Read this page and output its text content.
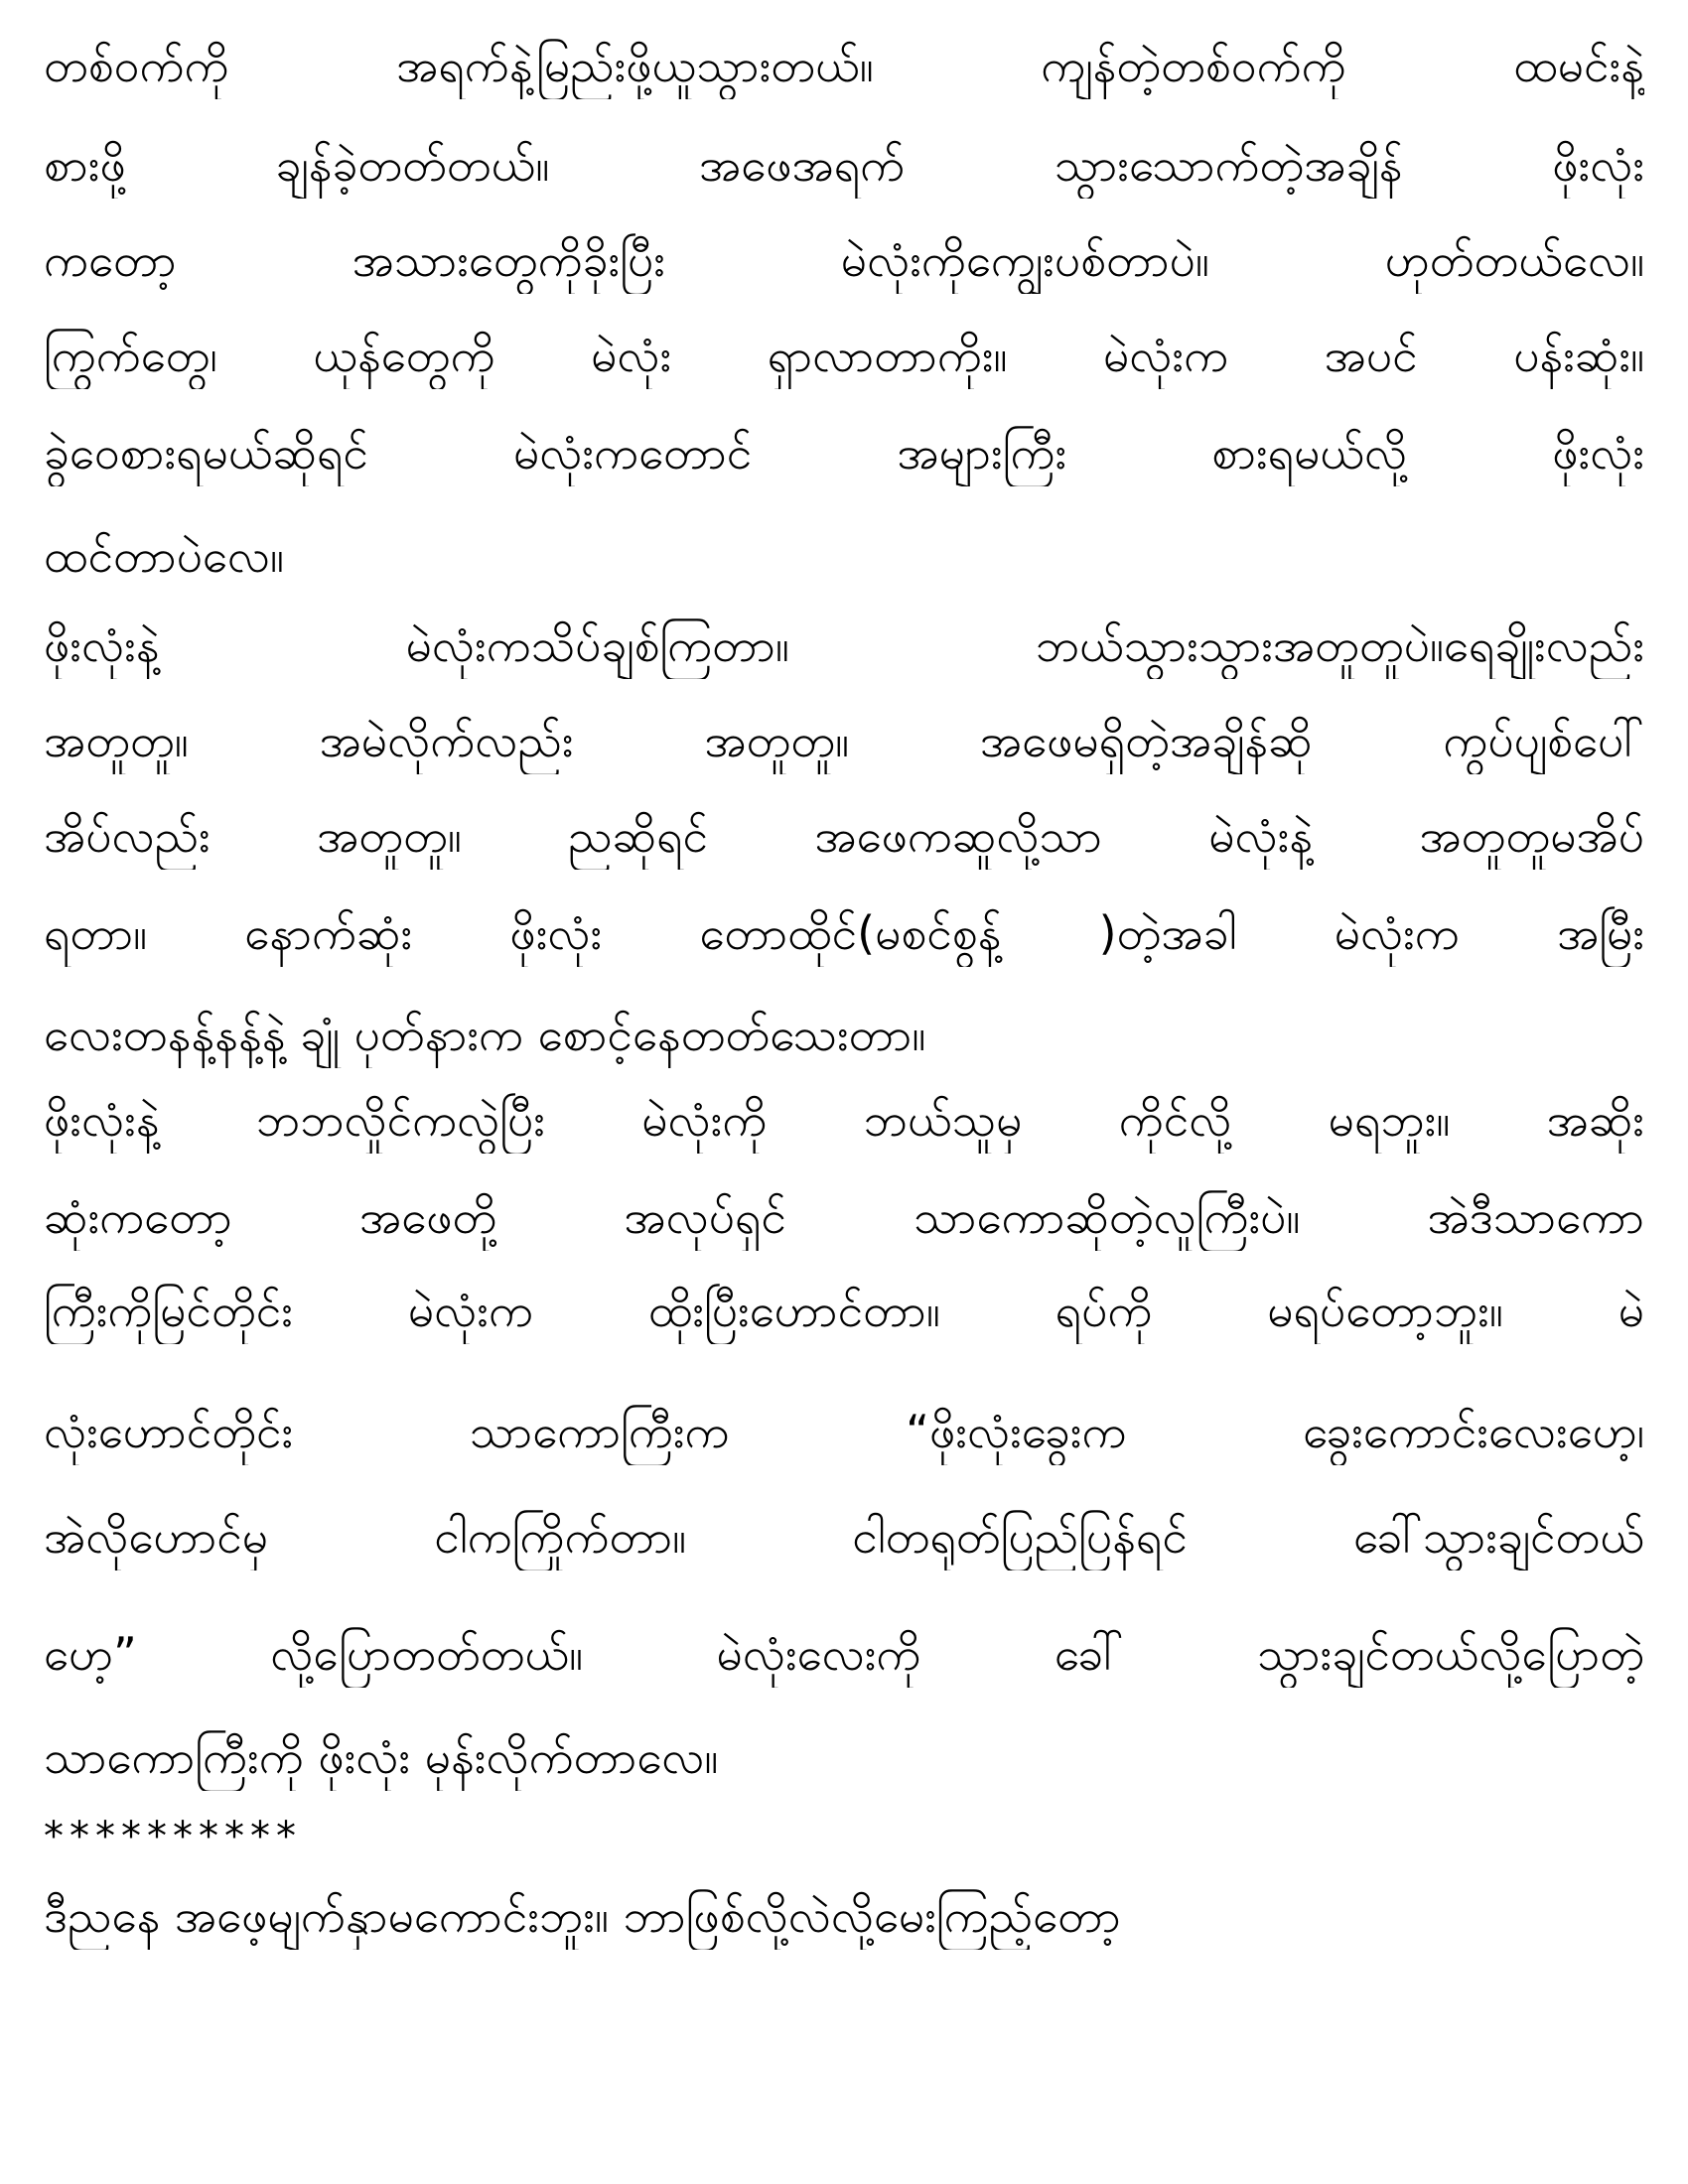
တစ်ဝက်ကို အရက်နဲ့မြည်းဖို့ယူသွားတယ်။ ကျန်တဲ့တစ်ဝက်ကို ထမင်းနဲ့
စားဖို့ ချန်ခဲ့တတ်တယ်။ အဖေအရက် သွားသောက်တဲ့အချိန် ဖိုးလုံး
ကတော့ အသားတွေကိုခိုးပြီး မဲလုံးကိုကျွေးပစ်တာပဲ။ ဟုတ်တယ်လေ။
ကြွက်တွေ၊ ယုန်တွေကို မဲလုံး ရှာလာတာကိုး။ မဲလုံးက အပင် ပန်းဆုံး။
ခွဲဝေစားရမယ်ဆိုရင် မဲလုံးကတောင် အများကြီး စားရမယ်လို့ ဖိုးလုံး
ထင်တာပဲလေ။
ဖိုးလုံးနဲ့ မဲလုံးကသိပ်ချစ်ကြတာ။ ဘယ်သွားသွားအတူတူပဲ။ရေချိုးလည်း
အတူတူ။ အမဲလိုက်လည်း အတူတူ။ အဖေမရှိတဲ့အချိန်ဆို ကွပ်ပျစ်ပေါ်
အိပ်လည်း အတူတူ။ ညဆိုရင် အဖေကဆူလို့သာ မဲလုံးနဲ့ အတူတူမအိပ်
ရတာ။ နောက်ဆုံး ဖိုးလုံး တောထိုင်(မစင်စွန့် )တဲ့အခါ မဲလုံးက အမြီး
လေးတနန့်နန့်နဲ့ ချုံ ပုတ်နားက စောင့်နေတတ်သေးတာ။
ဖိုးလုံးနဲ့ ဘဘလှိုင်ကလွဲပြီး မဲလုံးကို ဘယ်သူမှ ကိုင်လို့ မရဘူး။ အဆိုး
ဆုံးကတော့ အဖေတို့ အလုပ်ရှင် သာကောဆိုတဲ့လူကြီးပဲ။ အဲဒီသာကော
ကြီးကိုမြင်တိုင်း မဲလုံးက ထိုးပြီးဟောင်တာ။ ရပ်ကို မရပ်တော့ဘူး။ မဲ
လုံးဟောင်တိုင်း သာကောကြီးက “ဖိုးလုံးခွေးက ခွေးကောင်းလေးဟေ့၊
အဲလိုဟောင်မှ ငါကကြိုက်တာ။ ငါတရုတ်ပြည်ပြန်ရင် ခေါ်သွားချင်တယ်
ဟေ့” လို့ပြောတတ်တယ်။ မဲလုံးလေးကို ခေါ် သွားချင်တယ်လို့ပြောတဲ့
သာကောကြီးကို ဖိုးလုံး မုန်းလိုက်တာလေ။
**********
ဒီညနေ အဖေ့မျက်နှာမကောင်းဘူး။ ဘာဖြစ်လို့လဲလို့မေးကြည့်တော့
